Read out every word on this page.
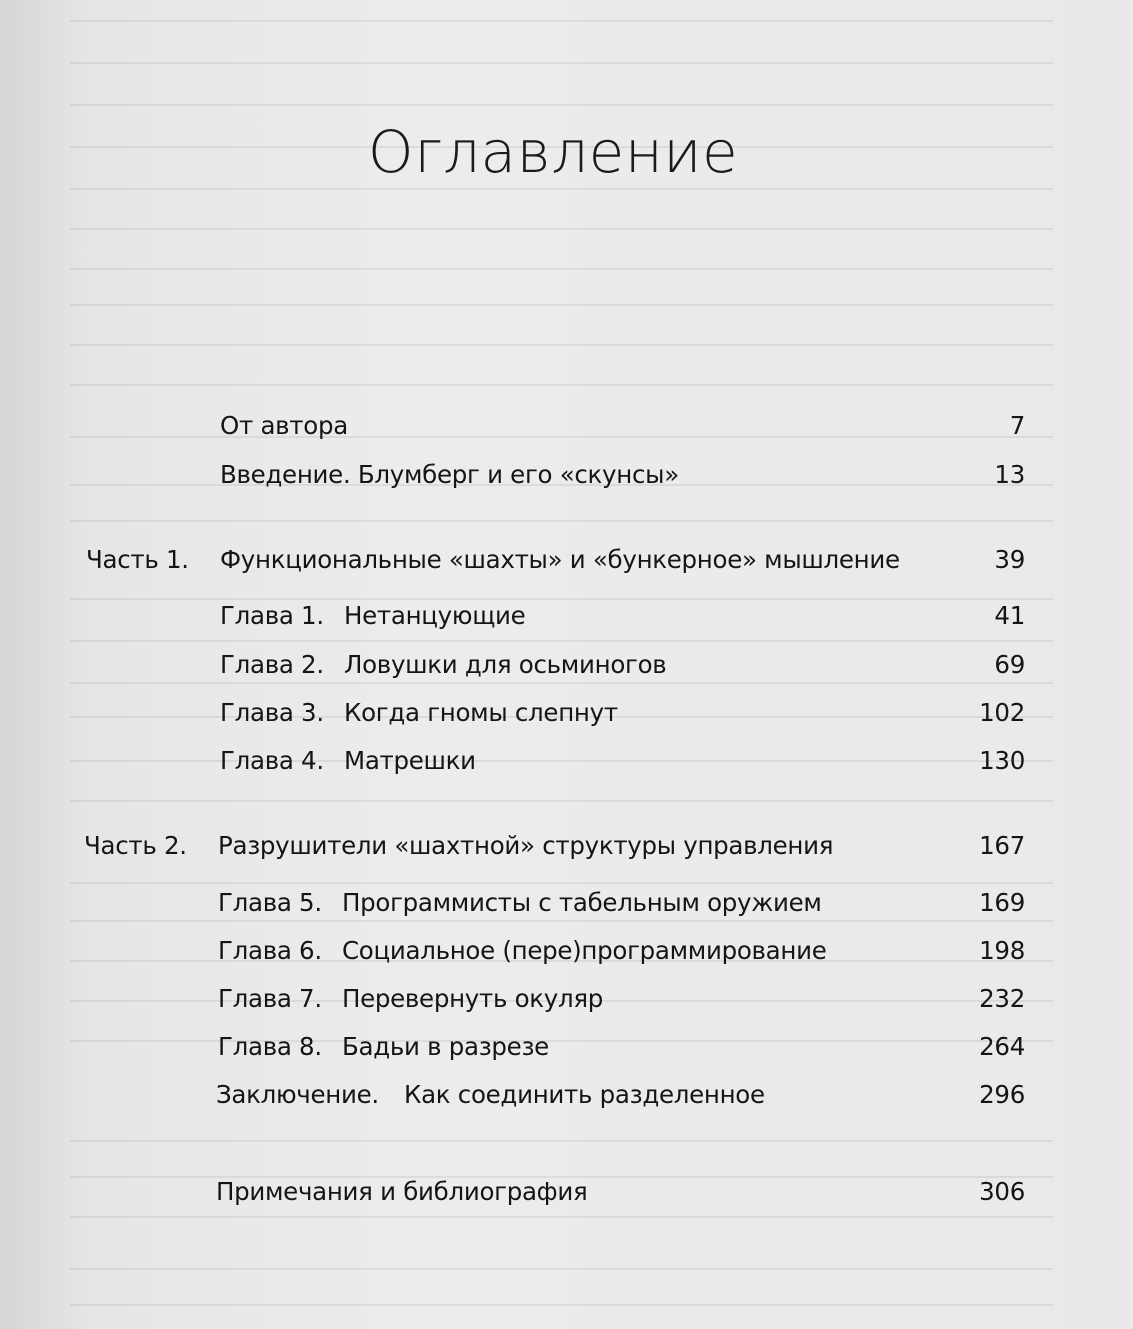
Оглавление
От автора	7
Введение. Блумберг и его «скунсы»	13
Часть 1. Функциональные «шахты» и «бункерное» мышление	39
Глава 1. Нетанцующие	41
Глава 2. Ловушки для осьминогов	69
Глава 3. Когда гномы слепнут	102
Глава 4. Матрешки	130
Часть 2. Разрушители «шахтной» структуры управления	167
Глава 5. Программисты с табельным оружием	169
Глава 6. Социальное (пере)программирование	198
Глава 7. Перевернуть окуляр	232
Глава 8. Бадьи в разрезе	264
Заключение. Как соединить разделенное	296
Примечания и библиография	306
